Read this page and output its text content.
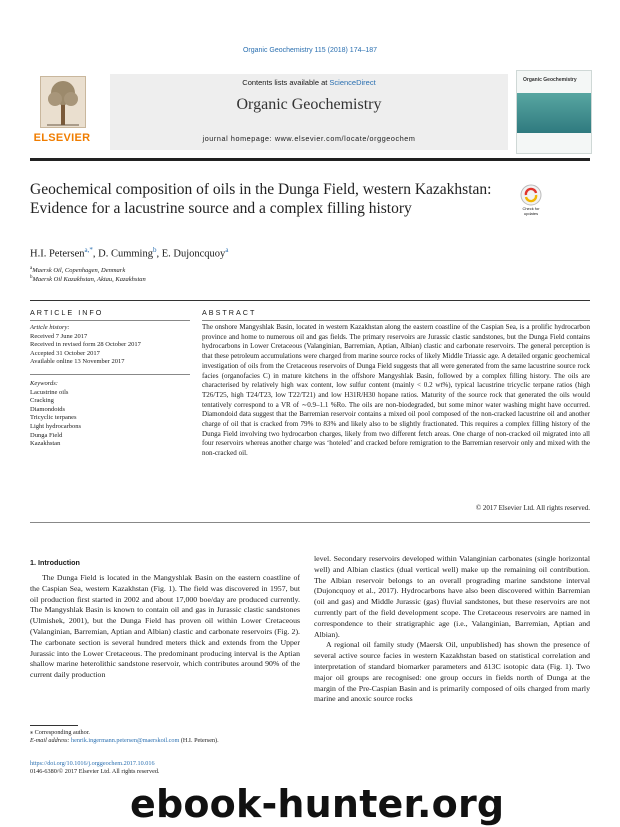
Organic Geochemistry 115 (2018) 174–187
ELSEVIER
Contents lists available at ScienceDirect
Organic Geochemistry
journal homepage: www.elsevier.com/locate/orggeochem
Organic Geochemistry
Geochemical composition of oils in the Dunga Field, western Kazakhstan: Evidence for a lacustrine source and a complex filling history	Check for updates
H.I. Petersen$^{a,*}$, D. Cumming$^b$, E. Dujoncquoy$^a$
$^a$Maersk Oil, Copenhagen, Denmark
$^b$Maersk Oil Kazakhstan, Aktau, Kazakhstan
ARTICLE INFO	ABSTRACT
Article history:
Received 7 June 2017
Received in revised form 28 October 2017
Accepted 31 October 2017
Available online 13 November 2017
Keywords:
Lacustrine oils
Cracking
Diamondoids
Tricyclic terpanes
Light hydrocarbons
Dunga Field
Kazakhstan
The onshore Mangyshlak Basin, located in western Kazakhstan along the eastern coastline of the Caspian Sea, is a prolific hydrocarbon province and home to numerous oil and gas fields. The primary reservoirs are Jurassic clastic sandstones, but the Dunga Field contains hydrocarbons in Lower Cretaceous (Valanginian, Barremian, Aptian, Albian) clastic and carbonate reservoirs. The general perception is that these petroleum accumulations were charged from marine source rocks of likely Middle Triassic age. A detailed organic geochemical investigation of oils from the Cretaceous reservoirs of Dunga Field suggests that all were generated from the same lacustrine source rock facies (organofacies C) in mature kitchens in the offshore Mangyshlak Basin, followed by a complex filling history. The oils are characterised by relatively high wax content, low sulfur content (mainly < 0.2 wt%), typical lacustrine tricyclic terpane ratios (high T26/T25, high T24/T23, low T22/T21) and low H31R/H30 hopane ratios. Maturity of the source rock that generated the oils would tentatively correspond to a VR of ∼0.9–1.1 %Ro. The oils are non-biodegraded, but some minor water washing might have occurred. Diamondoid data suggest that the Barremian reservoir contains a mixed oil pool composed of the non-cracked lacustrine oil and another charge of oil that is cracked from 79% to 83% and likely also to be slightly fractionated. This requires a complex filling history of the Dunga Field involving two hydrocarbon charges, likely from two different fetch areas. One charge of non-cracked oil migrated into all four reservoirs whereas another charge was ‘hoteled’ and cracked before remigration to the Barremian reservoir only and mixed with the non-cracked oil.
© 2017 Elsevier Ltd. All rights reserved.
1. Introduction

The Dunga Field is located in the Mangyshlak Basin on the eastern coastline of the Caspian Sea, western Kazakhstan (Fig. 1). The field was discovered in 1957, but oil production first started in 2002 and about 17,000 boe/day are produced currently. The Mangyshlak Basin is known to contain oil and gas in Jurassic clastic sandstones (Ulmishek, 2001), but the Dunga Field has proven oil within Lower Cretaceous (Valanginian, Barremian, Aptian and Albian) clastic and carbonate reservoirs (Fig. 2). The carbonate section is several hundred meters thick and extends from the Upper Jurassic into the Lower Cretaceous. The predominant producing interval is the Aptian shallow marine heterolithic sandstone reservoir, which contributes around 90% of the current daily production

level. Secondary reservoirs developed within Valanginian carbonates (single horizontal well) and Albian clastics (dual vertical well) make up the remaining oil contribution. The Albian reservoir belongs to an overall prograding marine sandstone interval (Dujoncquoy et al., 2017). Hydrocarbons have also been discovered within Barremian (oil and gas) and Middle Jurassic (gas) fluvial sandstones, but these reservoirs are not currently part of the field development scope. The Cretaceous reservoirs are named in correspondence to their stratigraphic age (i.e., Valanginian, Barremian, Aptian and Albian).

A regional oil family study (Maersk Oil, unpublished) has shown the presence of several active source facies in western Kazakhstan based on statistical correlation and interpretation of standard biomarker parameters and δ13C isotopic data (Fig. 1). Two major oil groups are recognised: one group occurs in fields north of Dunga at the margin of the Pre-Caspian Basin and is primarily composed of oils charged from marly marine and anoxic source rocks

⁎ Corresponding author.
E-mail address: henrik.ingermann.petersen@maerskoil.com (H.I. Petersen).
https://doi.org/10.1016/j.orggeochem.2017.10.016
0146-6380/© 2017 Elsevier Ltd. All rights reserved.
ebook-hunter.org
